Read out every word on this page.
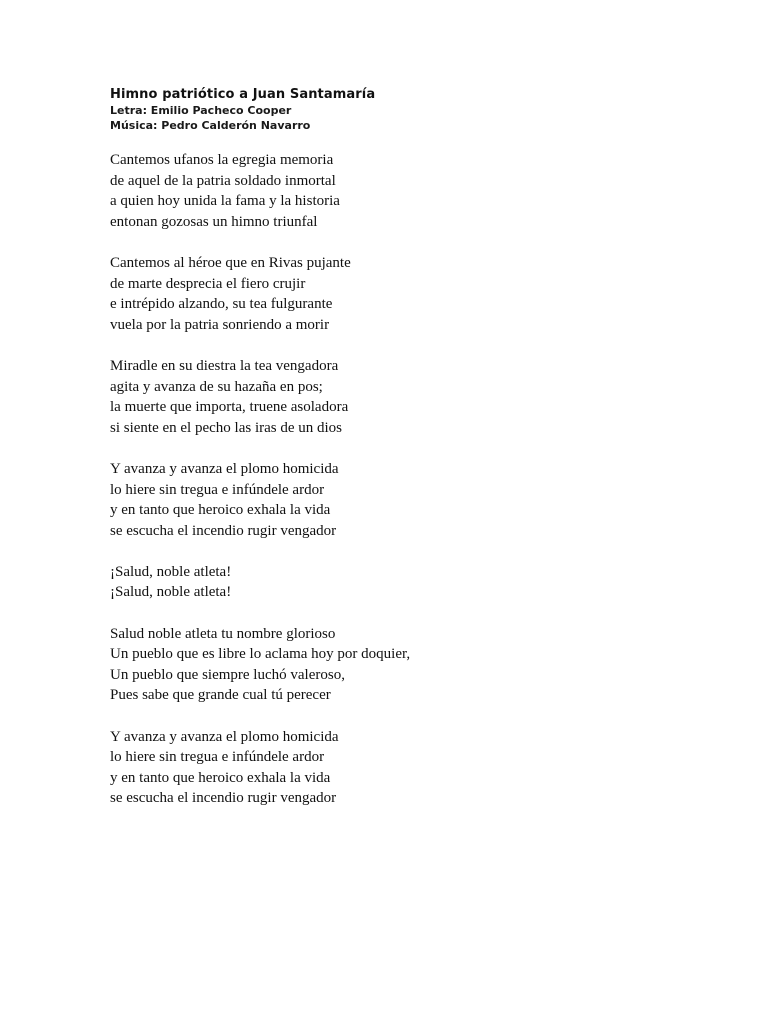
Himno patriótico a Juan Santamaría

Letra: Emilio Pacheco Cooper

Música: Pedro Calderón Navarro

Cantemos ufanos la egregia memoria
de aquel de la patria soldado inmortal
a quien hoy unida la fama y la historia
entonan gozosas un himno triunfal
Cantemos al héroe que en Rivas pujante
de marte desprecia el fiero crujir
e intrépido alzando, su tea fulgurante
vuela por la patria sonriendo a morir
Miradle en su diestra la tea vengadora
agita y avanza de su hazaña en pos;
la muerte que importa, truene asoladora
si siente en el pecho las iras de un dios
Y avanza y avanza el plomo homicida
lo hiere sin tregua e infúndele ardor
y en tanto que heroico exhala la vida
se escucha el incendio rugir vengador
¡Salud, noble atleta!
¡Salud, noble atleta!
Salud noble atleta tu nombre glorioso
Un pueblo que es libre lo aclama hoy por doquier,
Un pueblo que siempre luchó valeroso,
Pues sabe que grande cual tú perecer
Y avanza y avanza el plomo homicida
lo hiere sin tregua e infúndele ardor
y en tanto que heroico exhala la vida
se escucha el incendio rugir vengador
